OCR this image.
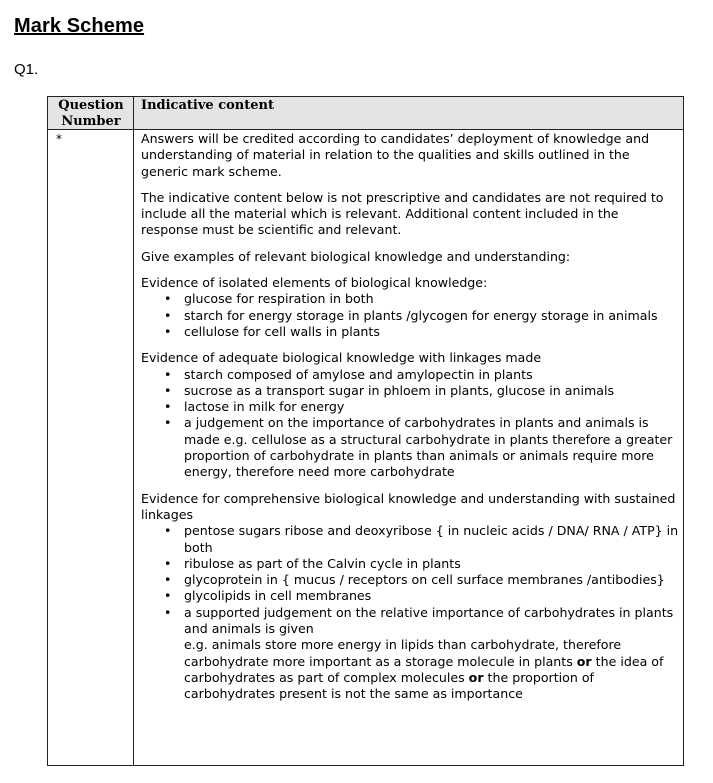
Mark Scheme
Q1.
Question Number
Indicative content
*	Answers will be credited according to candidates’ deployment of knowledge and understanding of material in relation to the qualities and skills outlined in the generic mark scheme.

The indicative content below is not prescriptive and candidates are not required to include all the material which is relevant. Additional content included in the response must be scientific and relevant.

Give examples of relevant biological knowledge and understanding:

Evidence of isolated elements of biological knowledge:
• glucose for respiration in both
• starch for energy storage in plants /glycogen for energy storage in animals
• cellulose for cell walls in plants
Evidence of adequate biological knowledge with linkages made
• starch composed of amylose and amylopectin in plants
• sucrose as a transport sugar in phloem in plants, glucose in animals
• lactose in milk for energy
• a judgement on the importance of carbohydrates in plants and animals is made e.g. cellulose as a structural carbohydrate in plants therefore a greater proportion of carbohydrate in plants than animals or animals require more energy, therefore need more carbohydrate
Evidence for comprehensive biological knowledge and understanding with sustained linkages
• pentose sugars ribose and deoxyribose { in nucleic acids / DNA/ RNA / ATP} in both
• ribulose as part of the Calvin cycle in plants
• glycoprotein in { mucus / receptors on cell surface membranes /antibodies}
• glycolipids in cell membranes
• a supported judgement on the relative importance of carbohydrates in plants and animals is given
e.g. animals store more energy in lipids than carbohydrate, therefore carbohydrate more important as a storage molecule in plants or the idea of carbohydrates as part of complex molecules or the proportion of carbohydrates present is not the same as importance
